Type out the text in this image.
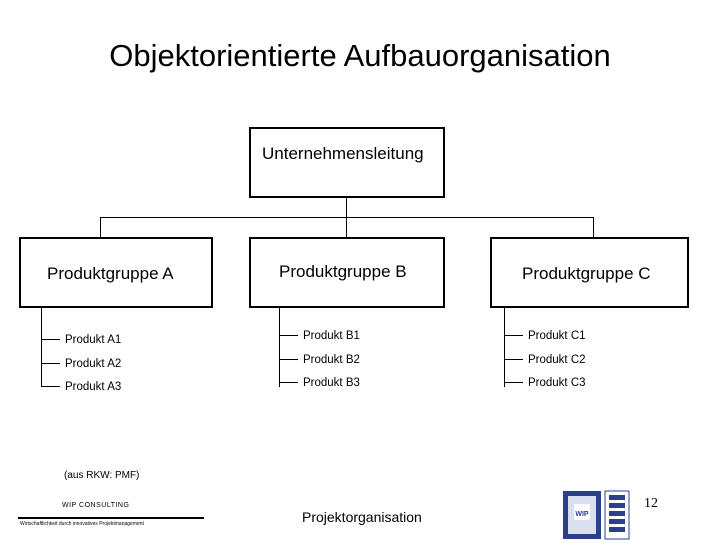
Objektorientierte Aufbauorganisation
Unternehmensleitung
Produktgruppe A	Produktgruppe B	Produktgruppe C
Produkt A1
Produkt A2
Produkt A3
Produkt B1
Produkt B2
Produkt B3
Produkt C1
Produkt C2
Produkt C3
(aus RKW: PMF)
WIP CONSULTING
Wirtschaftlichkeit durch innovatives Projektmanagement	Projektorganisation
12
WIP
